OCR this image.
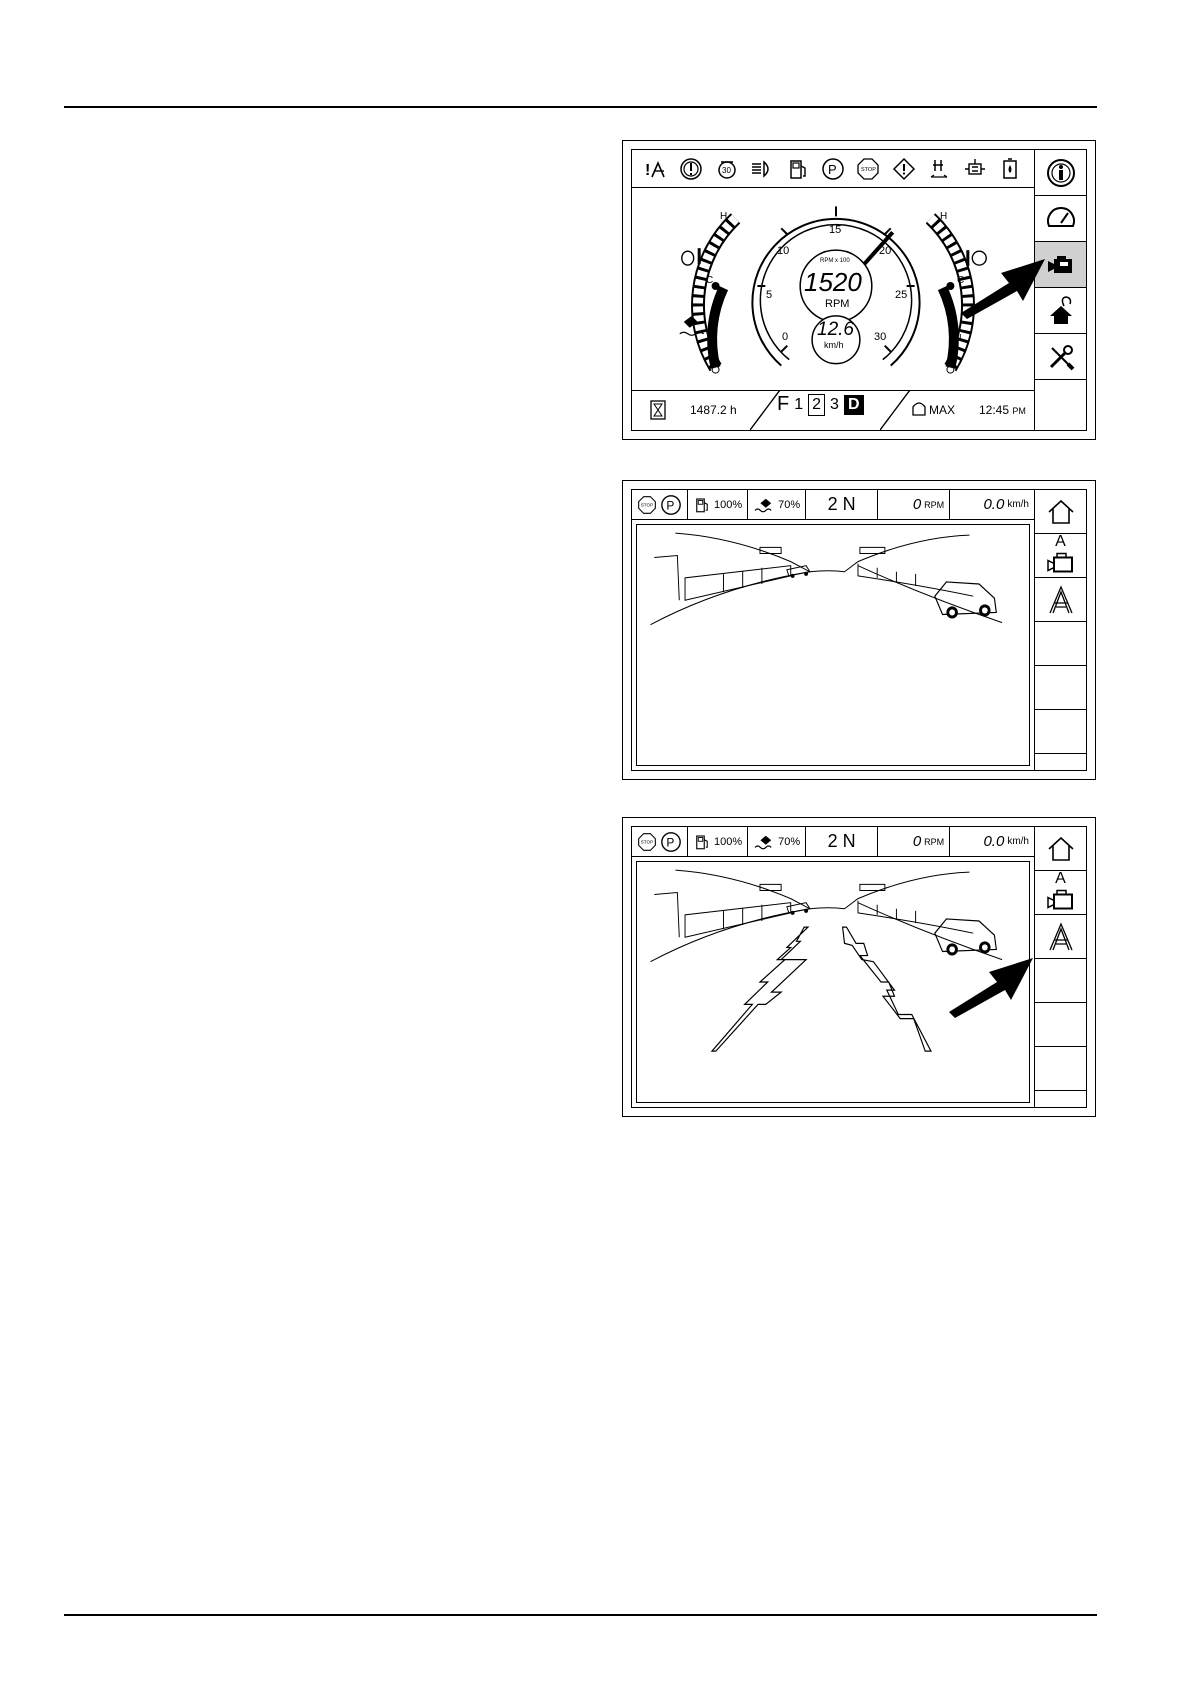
!	30	P	STOP
15
10	20
5	25
0	30
RPM x 100
1520
RPM
12.6
km/h
H
C
H
C
L
1487.2 h F 1 2 3 D	MAX 12:45 PM
STOP P	100%	70%	2 N	0 RPM	0.0 km/h
A
STOP P	100%	70%	2 N	0 RPM	0.0 km/h
A
